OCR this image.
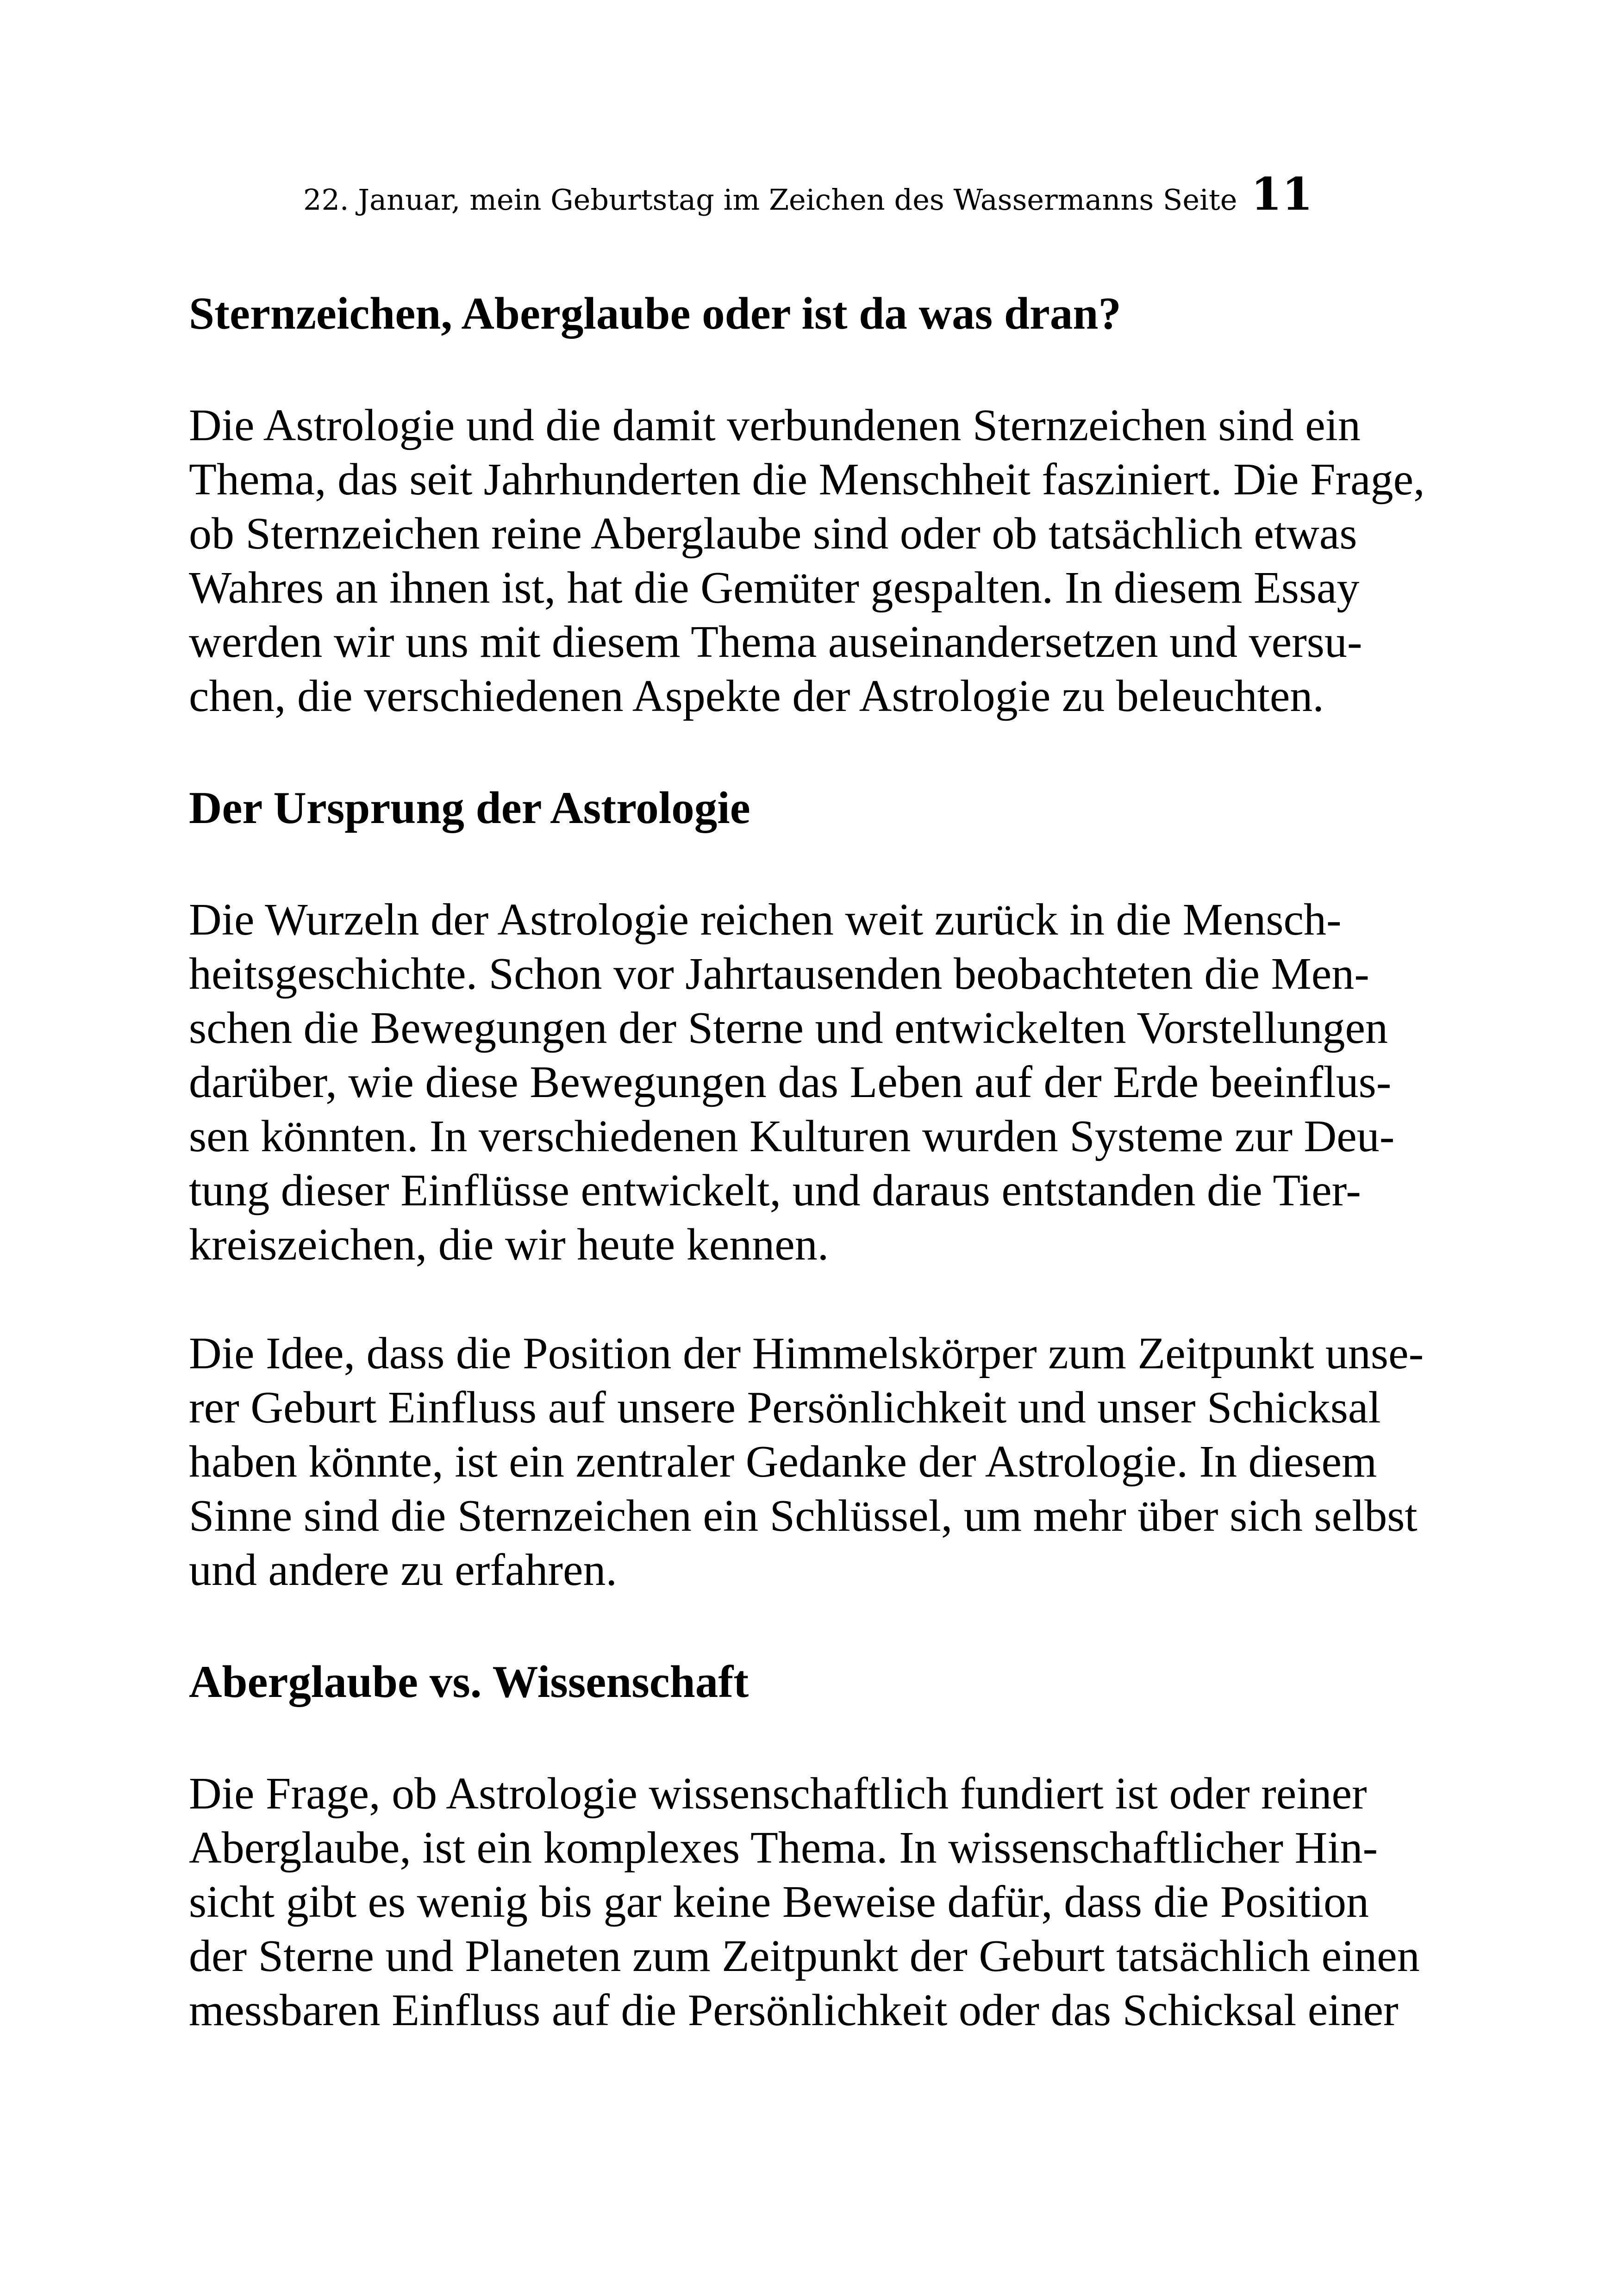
22. Januar, mein Geburtstag im Zeichen des Wassermanns Seite 11
Sternzeichen, Aberglaube oder ist da was dran?

Die Astrologie und die damit verbundenen Sternzeichen sind ein
Thema, das seit Jahrhunderten die Menschheit fasziniert. Die Frage,
ob Sternzeichen reine Aberglaube sind oder ob tatsächlich etwas
Wahres an ihnen ist, hat die Gemüter gespalten. In diesem Essay
werden wir uns mit diesem Thema auseinandersetzen und versu-
chen, die verschiedenen Aspekte der Astrologie zu beleuchten.

Der Ursprung der Astrologie

Die Wurzeln der Astrologie reichen weit zurück in die Mensch-
heitsgeschichte. Schon vor Jahrtausenden beobachteten die Men-
schen die Bewegungen der Sterne und entwickelten Vorstellungen
darüber, wie diese Bewegungen das Leben auf der Erde beeinflus-
sen könnten. In verschiedenen Kulturen wurden Systeme zur Deu-
tung dieser Einflüsse entwickelt, und daraus entstanden die Tier-
kreiszeichen, die wir heute kennen.

Die Idee, dass die Position der Himmelskörper zum Zeitpunkt unse-
rer Geburt Einfluss auf unsere Persönlichkeit und unser Schicksal
haben könnte, ist ein zentraler Gedanke der Astrologie. In diesem
Sinne sind die Sternzeichen ein Schlüssel, um mehr über sich selbst
und andere zu erfahren.

Aberglaube vs. Wissenschaft

Die Frage, ob Astrologie wissenschaftlich fundiert ist oder reiner
Aberglaube, ist ein komplexes Thema. In wissenschaftlicher Hin-
sicht gibt es wenig bis gar keine Beweise dafür, dass die Position
der Sterne und Planeten zum Zeitpunkt der Geburt tatsächlich einen
messbaren Einfluss auf die Persönlichkeit oder das Schicksal einer
